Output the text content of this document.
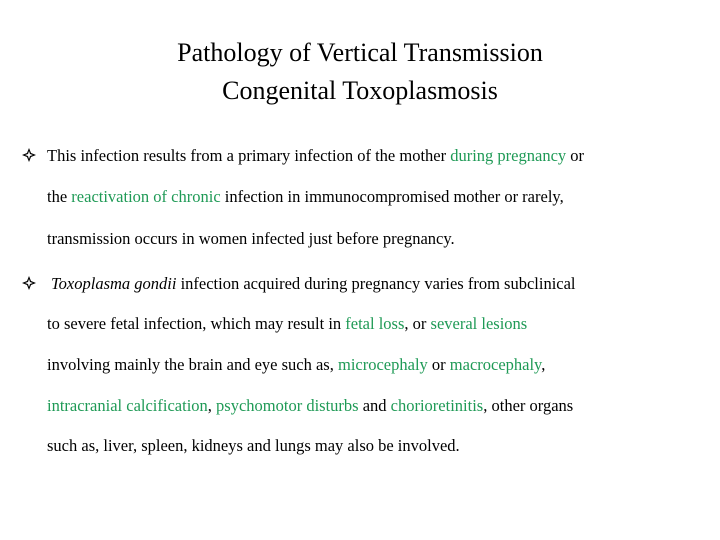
Pathology of Vertical Transmission
Congenital Toxoplasmosis
This infection results from a primary infection of the mother during pregnancy or
the reactivation of chronic infection in immunocompromised mother or rarely,
transmission occurs in women infected just before pregnancy.
Toxoplasma gondii infection acquired during pregnancy varies from subclinical
to severe fetal infection, which may result in fetal loss, or several lesions
involving mainly the brain and eye such as, microcephaly or macrocephaly,
intracranial calcification, psychomotor disturbs and chorioretinitis, other organs
such as, liver, spleen, kidneys and lungs may also be involved.
